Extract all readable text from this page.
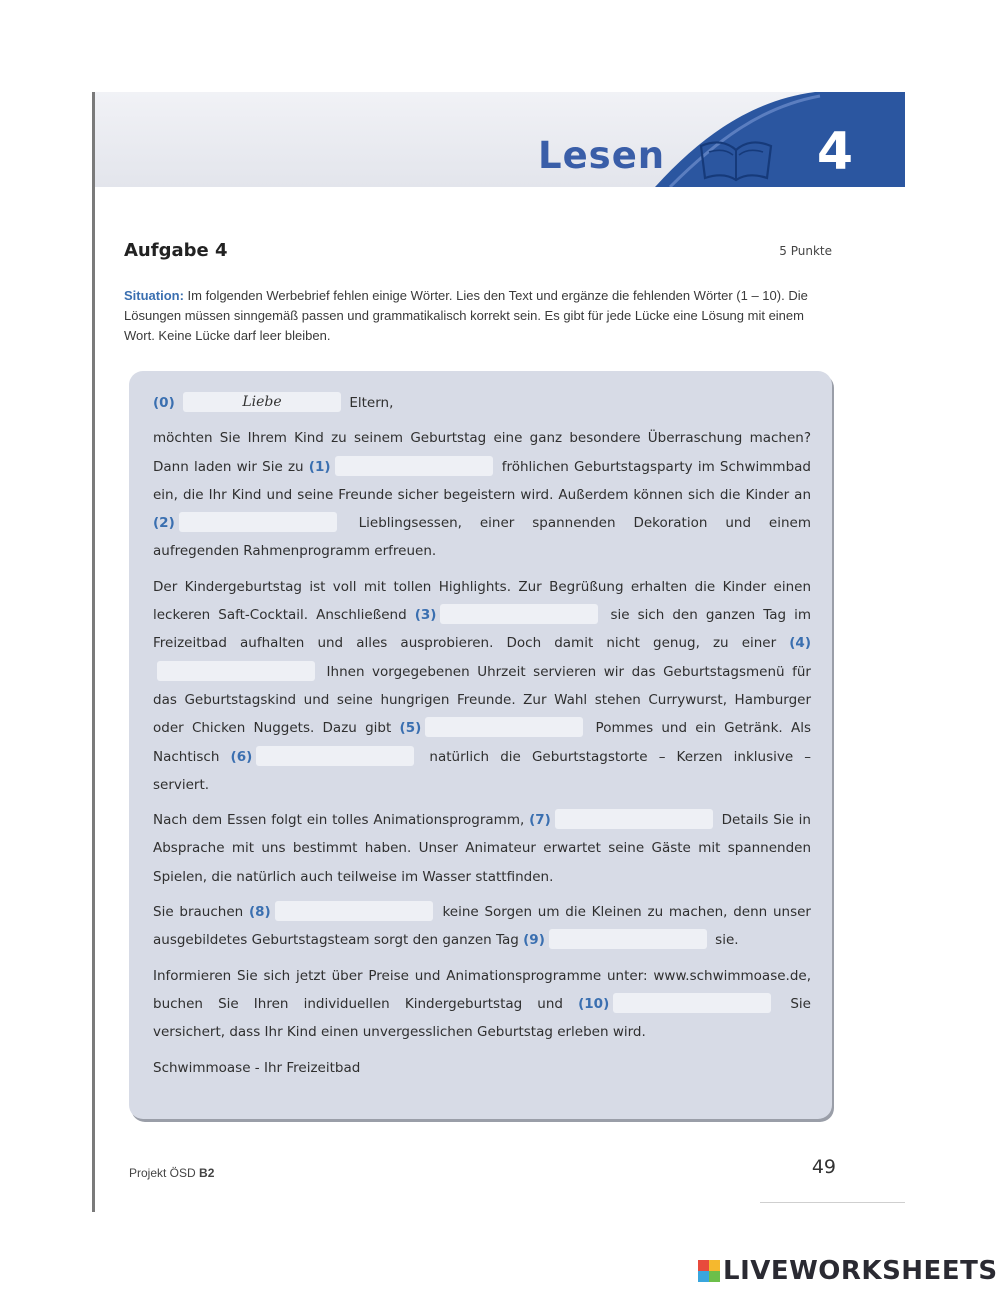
Lesen	4
Aufgabe 4	5 Punkte
Situation: Im folgenden Werbebrief fehlen einige Wörter. Lies den Text und ergänze die fehlenden Wörter (1 – 10). Die Lösungen müssen sinngemäß passen und grammatikalisch korrekt sein. Es gibt für jede Lücke eine Lösung mit einem Wort. Keine Lücke darf leer bleiben.

(0)	Liebe	Eltern,

möchten Sie Ihrem Kind zu seinem Geburtstag eine ganz besondere Überraschung machen? Dann laden wir Sie zu (1)	fröhlichen Geburtstagsparty im Schwimmbad ein, die Ihr Kind und seine Freunde sicher begeistern wird. Außerdem können sich die Kinder an (2)	Lieblingsessen, einer spannenden Dekoration und einem aufregenden Rahmenprogramm erfreuen.

Der Kindergeburtstag ist voll mit tollen Highlights. Zur Begrüßung erhalten die Kinder einen leckeren Saft-Cocktail. Anschließend (3)	sie sich den ganzen Tag im Freizeitbad aufhalten und alles ausprobieren. Doch damit nicht genug, zu einer (4) Ihnen vorgegebenen Uhrzeit servieren wir das Geburtstagsmenü für das Geburtstagskind und seine hungrigen Freunde. Zur Wahl stehen Currywurst, Hamburger oder Chicken Nuggets. Dazu gibt (5)	Pommes und ein Getränk. Als Nachtisch (6)	natürlich die Geburtstagstorte – Kerzen inklusive – serviert.

Nach dem Essen folgt ein tolles Animationsprogramm, (7)	Details Sie in Absprache mit uns bestimmt haben. Unser Animateur erwartet seine Gäste mit spannenden Spielen, die natürlich auch teilweise im Wasser stattfinden.

Sie brauchen (8)	keine Sorgen um die Kleinen zu machen, denn unser ausgebildetes Geburtstagsteam sorgt den ganzen Tag (9)	sie.

Informieren Sie sich jetzt über Preise und Animationsprogramme unter: www.schwimmoase.de, buchen Sie Ihren individuellen Kindergeburtstag und (10)	Sie versichert, dass Ihr Kind einen unvergesslichen Geburtstag erleben wird.

Schwimmoase - Ihr Freizeitbad

Projekt ÖSD B2	49
LIVEWORKSHEETS
